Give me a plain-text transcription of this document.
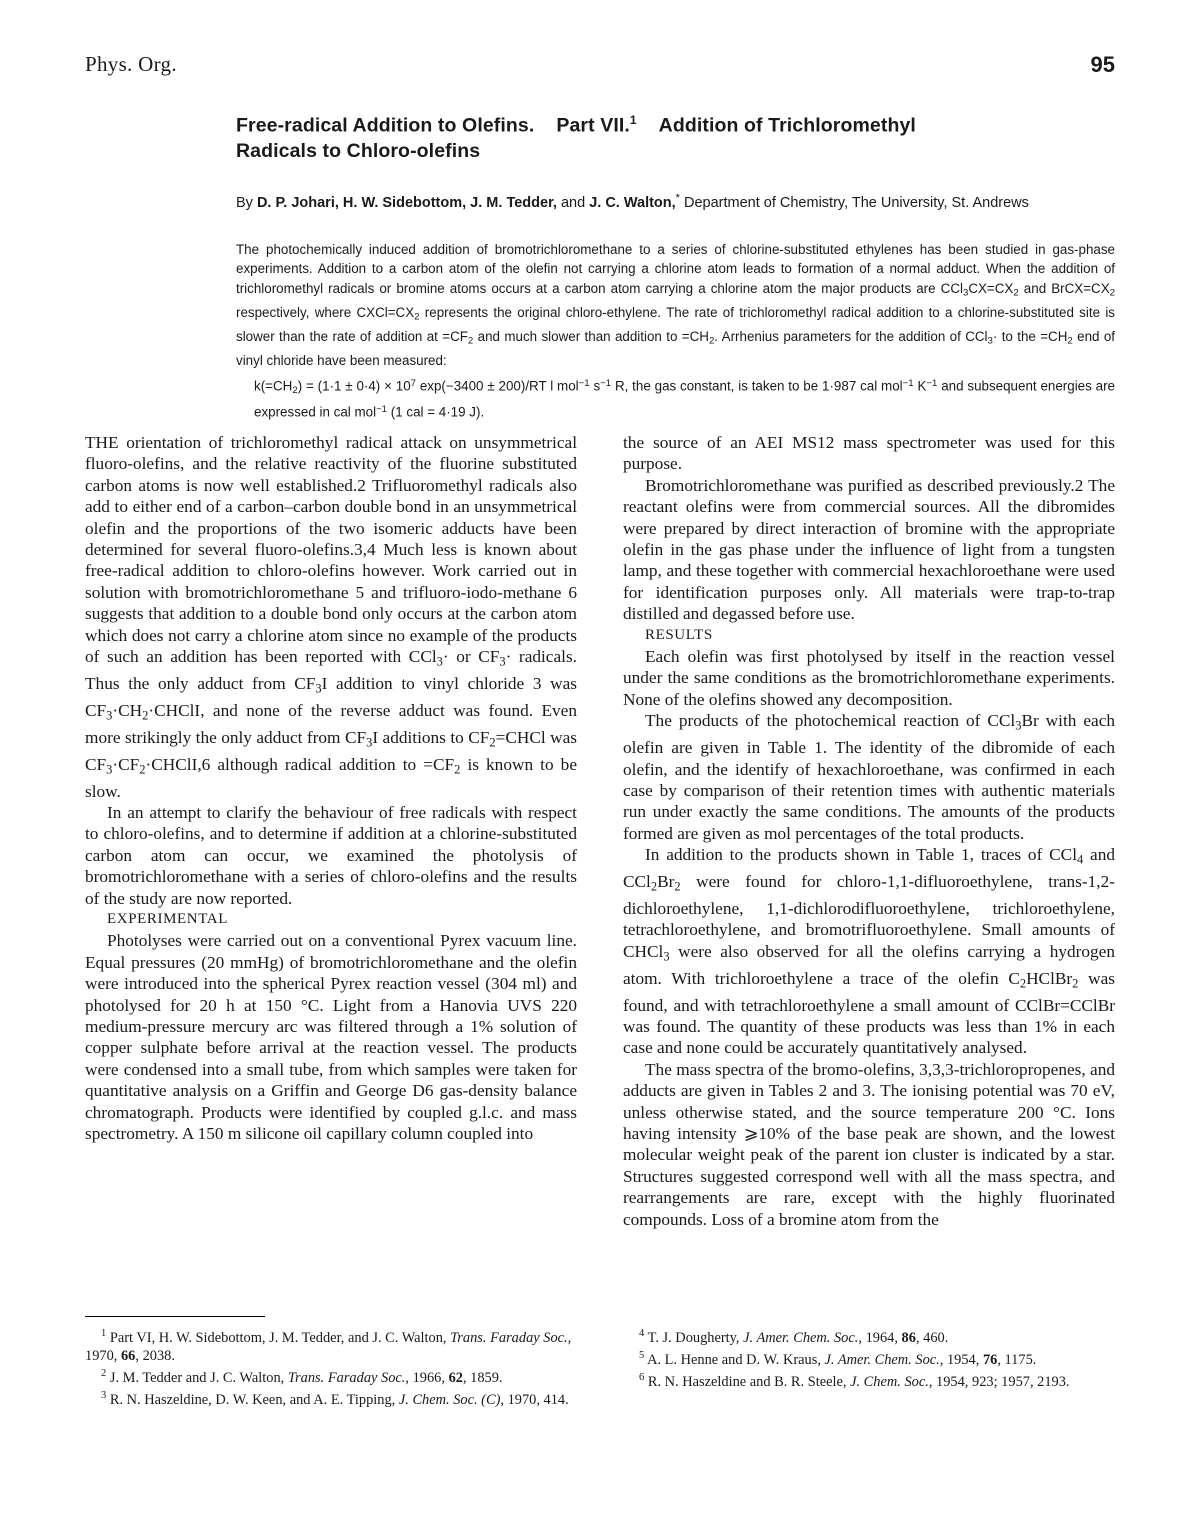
Phys. Org.	95
Free-radical Addition to Olefins. Part VII.$^1$ Addition of Trichloromethyl
Radicals to Chloro-olefins
By D. P. Johari, H. W. Sidebottom, J. M. Tedder, and J. C. Walton,* Department of Chemistry, The University, St. Andrews

The photochemically induced addition of bromotrichloromethane to a series of chlorine-substituted ethylenes has been studied in gas-phase experiments. Addition to a carbon atom of the olefin not carrying a chlorine atom leads to formation of a normal adduct. When the addition of trichloromethyl radicals or bromine atoms occurs at a carbon atom carrying a chlorine atom the major products are $CCl_3CX=CX_2$ and $BrCX=CX_2$ respectively, where $CXCl=CX_2$ represents the original chloro-ethylene. The rate of trichloromethyl radical addition to a chlorine-substituted site is slower than the rate of addition at $=CF_2$ and much slower than addition to $=CH_2$. Arrhenius parameters for the addition of CCl$_3$· to the $=CH_2$ end of vinyl chloride have been measured:

$k(=CH_2) = (1\cdot 1 \pm 0\cdot 4) \times 10^7$ exp(−3400 ± 200)/RT l mol$^{-1}$ $s^{-1}$ R, the gas constant, is taken to be 1·987 cal mol$^{-1}$ $K^{-1}$ and subsequent energies are expressed in cal mol$^{-1}$ (1 cal = 4·19 J).

THE orientation of trichloromethyl radical attack on unsymmetrical fluoro-olefins, and the relative reactivity of the fluorine substituted carbon atoms is now well established.2 Trifluoromethyl radicals also add to either end of a carbon–carbon double bond in an unsymmetrical olefin and the proportions of the two isomeric adducts have been determined for several fluoro-olefins.3,4 Much less is known about free-radical addition to chloro-olefins however. Work carried out in solution with bromotrichloromethane 5 and trifluoro-iodo-methane 6 suggests that addition to a double bond only occurs at the carbon atom which does not carry a chlorine atom since no example of the products of such an addition has been reported with CCl$_3$· or $CF_3\cdot$ radicals. Thus the only adduct from $CF_3I$ addition to vinyl chloride 3 was $CF_3\cdot CH_2\cdot CHClI$, and none of the reverse adduct was found. Even more strikingly the only adduct from $CF_3I$ additions to $CF_2=CHCl$ was $CF_3\cdot CF_2\cdot CHClI,6$ although radical addition to $=CF_2$ is known to be slow.

In an attempt to clarify the behaviour of free radicals with respect to chloro-olefins, and to determine if addition at a chlorine-substituted carbon atom can occur, we examined the photolysis of bromotrichloromethane with a series of chloro-olefins and the results of the study are now reported.

EXPERIMENTAL

Photolyses were carried out on a conventional Pyrex vacuum line. Equal pressures (20 mmHg) of bromotrichloromethane and the olefin were introduced into the spherical Pyrex reaction vessel (304 ml) and photolysed for 20 h at 150 °C. Light from a Hanovia UVS 220 medium-pressure mercury arc was filtered through a 1% solution of copper sulphate before arrival at the reaction vessel. The products were condensed into a small tube, from which samples were taken for quantitative analysis on a Griffin and George D6 gas-density balance chromatograph. Products were identified by coupled g.l.c. and mass spectrometry. A 150 m silicone oil capillary column coupled into

the source of an AEI MS12 mass spectrometer was used for this purpose.

Bromotrichloromethane was purified as described previously.2 The reactant olefins were from commercial sources. All the dibromides were prepared by direct interaction of bromine with the appropriate olefin in the gas phase under the influence of light from a tungsten lamp, and these together with commercial hexachloroethane were used for identification purposes only. All materials were trap-to-trap distilled and degassed before use.

RESULTS

Each olefin was first photolysed by itself in the reaction vessel under the same conditions as the bromotrichloromethane experiments. None of the olefins showed any decomposition.

The products of the photochemical reaction of CCl$_3$Br with each olefin are given in Table 1. The identity of the dibromide of each olefin, and the identify of hexachloroethane, was confirmed in each case by comparison of their retention times with authentic materials run under exactly the same conditions. The amounts of the products formed are given as mol percentages of the total products.

In addition to the products shown in Table 1, traces of CCl$_4$ and $CCl_2Br_2$ were found for chloro-1,1-difluoroethylene, trans-1,2-dichloroethylene, 1,1-dichlorodifluoroethylene, trichloroethylene, tetrachloroethylene, and bromotrifluoroethylene. Small amounts of CHCl$_3$ were also observed for all the olefins carrying a hydrogen atom. With trichloroethylene a trace of the olefin $C_2HClBr_2$ was found, and with tetrachloroethylene a small amount of CClBr=CClBr was found. The quantity of these products was less than 1% in each case and none could be accurately quantitatively analysed.

The mass spectra of the bromo-olefins, 3,3,3-trichloropropenes, and adducts are given in Tables 2 and 3. The ionising potential was 70 eV, unless otherwise stated, and the source temperature 200 °C. Ions having intensity ⩾10% of the base peak are shown, and the lowest molecular weight peak of the parent ion cluster is indicated by a star. Structures suggested correspond well with all the mass spectra, and rearrangements are rare, except with the highly fluorinated compounds. Loss of a bromine atom from the

$^1$ Part VI, H. W. Sidebottom, J. M. Tedder, and J. C. Walton, Trans. Faraday Soc., 1970, 66, 2038.

$^2$ J. M. Tedder and J. C. Walton, Trans. Faraday Soc., 1966, 62, 1859.

$^3$ R. N. Haszeldine, D. W. Keen, and A. E. Tipping, J. Chem. Soc. (C), 1970, 414.

$^4$ T. J. Dougherty, J. Amer. Chem. Soc., 1964, 86, 460.

$^5$ A. L. Henne and D. W. Kraus, J. Amer. Chem. Soc., 1954, 76, 1175.

$^6$ R. N. Haszeldine and B. R. Steele, J. Chem. Soc., 1954, 923; 1957, 2193.
